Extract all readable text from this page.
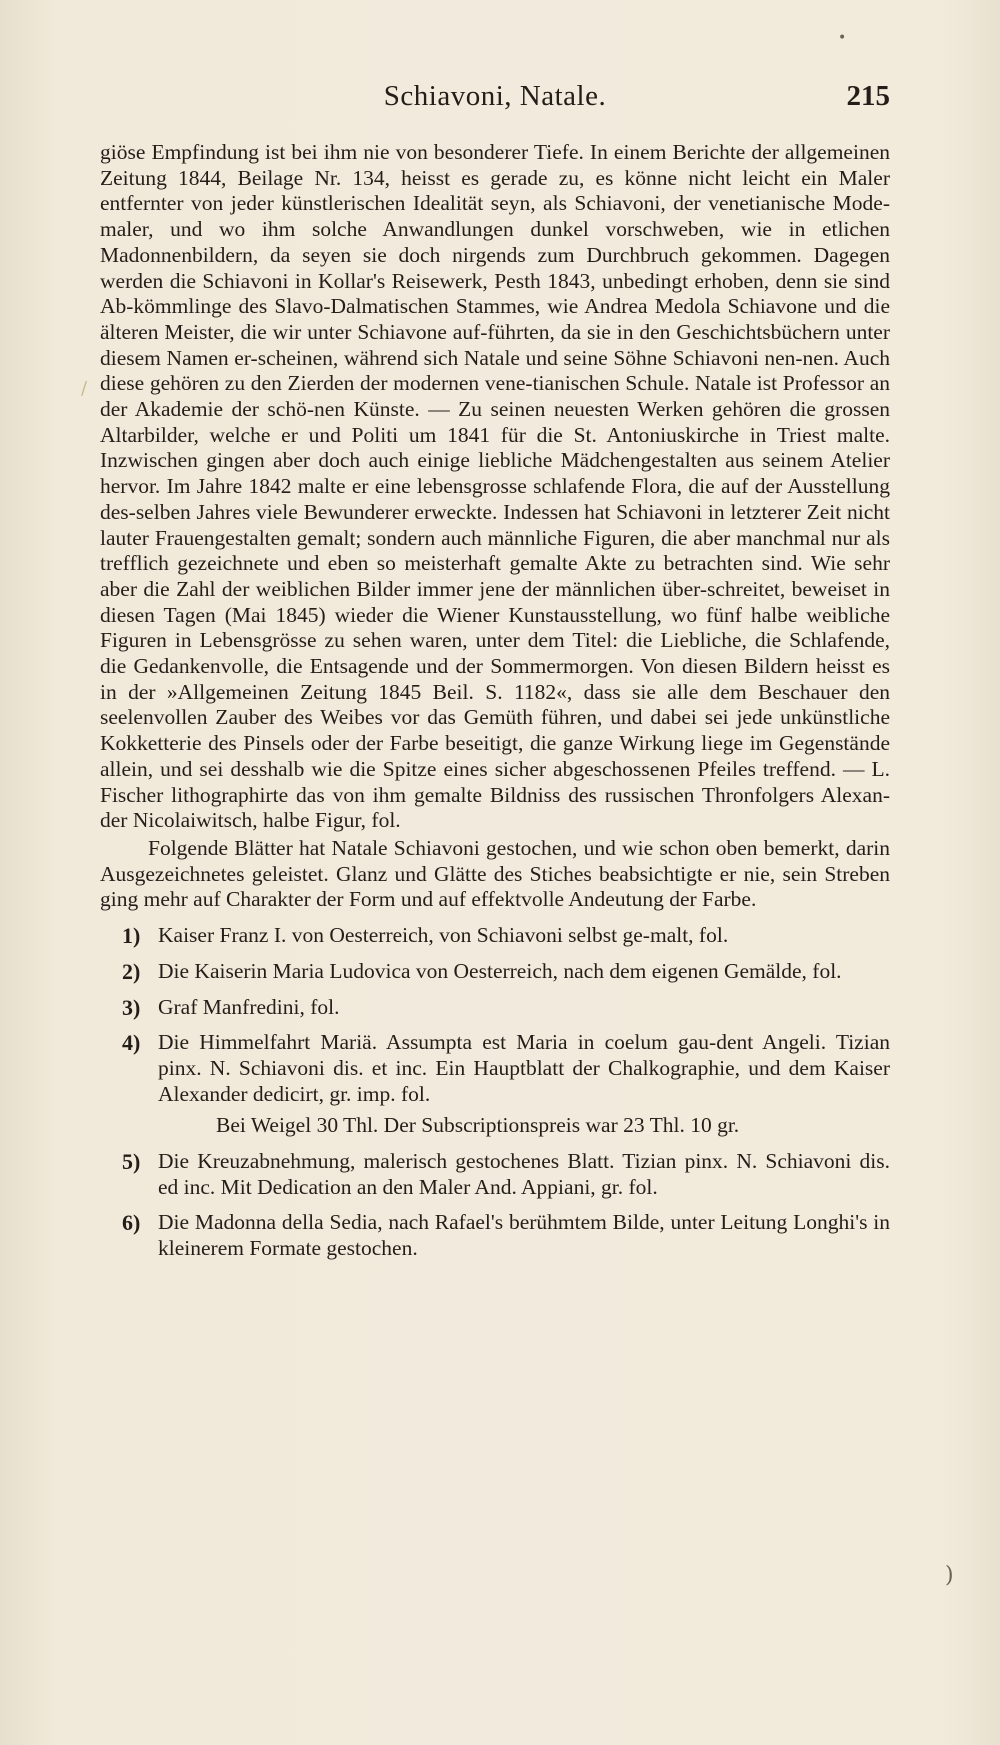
Schiavoni, Natale.	215

giöse Empfindung ist bei ihm nie von besonderer Tiefe. In einem Berichte der allgemeinen Zeitung 1844, Beilage Nr. 134, heisst es gerade zu, es könne nicht leicht ein Maler entfernter von jeder künstlerischen Idealität seyn, als Schiavoni, der venetianische Mode-maler, und wo ihm solche Anwandlungen dunkel vorschweben, wie in etlichen Madonnenbildern, da seyen sie doch nirgends zum Durchbruch gekommen. Dagegen werden die Schiavoni in Kollar's Reisewerk, Pesth 1843, unbedingt erhoben, denn sie sind Ab-kömmlinge des Slavo-Dalmatischen Stammes, wie Andrea Medola Schiavone und die älteren Meister, die wir unter Schiavone auf-führten, da sie in den Geschichtsbüchern unter diesem Namen er-scheinen, während sich Natale und seine Söhne Schiavoni nen-nen. Auch diese gehören zu den Zierden der modernen vene-tianischen Schule. Natale ist Professor an der Akademie der schö-nen Künste. — Zu seinen neuesten Werken gehören die grossen Altarbilder, welche er und Politi um 1841 für die St. Antoniuskirche in Triest malte. Inzwischen gingen aber doch auch einige liebliche Mädchengestalten aus seinem Atelier hervor. Im Jahre 1842 malte er eine lebensgrosse schlafende Flora, die auf der Ausstellung des-selben Jahres viele Bewunderer erweckte. Indessen hat Schiavoni in letzterer Zeit nicht lauter Frauengestalten gemalt; sondern auch männliche Figuren, die aber manchmal nur als trefflich gezeichnete und eben so meisterhaft gemalte Akte zu betrachten sind. Wie sehr aber die Zahl der weiblichen Bilder immer jene der männlichen über-schreitet, beweiset in diesen Tagen (Mai 1845) wieder die Wiener Kunstausstellung, wo fünf halbe weibliche Figuren in Lebensgrösse zu sehen waren, unter dem Titel: die Liebliche, die Schlafende, die Gedankenvolle, die Entsagende und der Sommermorgen. Von diesen Bildern heisst es in der »Allgemeinen Zeitung 1845 Beil. S. 1182«, dass sie alle dem Beschauer den seelenvollen Zauber des Weibes vor das Gemüth führen, und dabei sei jede unkünstliche Kokketterie des Pinsels oder der Farbe beseitigt, die ganze Wirkung liege im Gegenstände allein, und sei desshalb wie die Spitze eines sicher abgeschossenen Pfeiles treffend. — L. Fischer lithographirte das von ihm gemalte Bildniss des russischen Thronfolgers Alexan-der Nicolaiwitsch, halbe Figur, fol.

Folgende Blätter hat Natale Schiavoni gestochen, und wie schon oben bemerkt, darin Ausgezeichnetes geleistet. Glanz und Glätte des Stiches beabsichtigte er nie, sein Streben ging mehr auf Charakter der Form und auf effektvolle Andeutung der Farbe.

1) Kaiser Franz I. von Oesterreich, von Schiavoni selbst ge-malt, fol.
2) Die Kaiserin Maria Ludovica von Oesterreich, nach dem eigenen Gemälde, fol.
3) Graf Manfredini, fol.
4) Die Himmelfahrt Mariä. Assumpta est Maria in coelum gau-dent Angeli. Tizian pinx. N. Schiavoni dis. et inc. Ein Hauptblatt der Chalkographie, und dem Kaiser Alexander dedicirt, gr. imp. fol.
Bei Weigel 30 Thl. Der Subscriptionspreis war 23 Thl. 10 gr.
5) Die Kreuzabnehmung, malerisch gestochenes Blatt. Tizian pinx. N. Schiavoni dis. ed inc. Mit Dedication an den Maler And. Appiani, gr. fol.
6) Die Madonna della Sedia, nach Rafael's berühmtem Bilde, unter Leitung Longhi's in kleinerem Formate gestochen.
•
)
/
